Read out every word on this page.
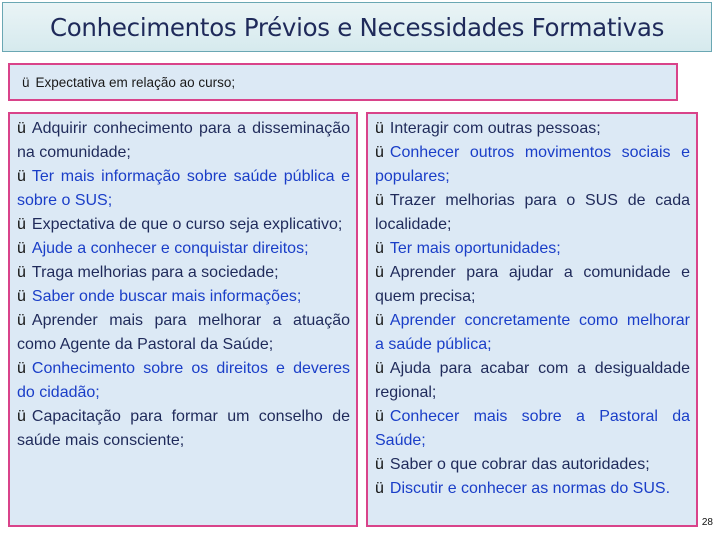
Conhecimentos Prévios e Necessidades Formativas
ü Expectativa em relação ao curso;

ü Adquirir conhecimento para a disseminação na comunidade;

ü Ter mais informação sobre saúde pública e sobre o SUS;

ü Expectativa de que o curso seja explicativo;

ü Ajude a conhecer e conquistar direitos;

ü Traga melhorias para a sociedade;

ü Saber onde buscar mais informações;

ü Aprender mais para melhorar a atuação como Agente da Pastoral da Saúde;

ü Conhecimento sobre os direitos e deveres do cidadão;

ü Capacitação para formar um conselho de saúde mais consciente;

ü Interagir com outras pessoas;

ü Conhecer outros movimentos sociais e populares;

ü Trazer melhorias para o SUS de cada localidade;

ü Ter mais oportunidades;

ü Aprender para ajudar a comunidade e quem precisa;

ü Aprender concretamente como melhorar a saúde pública;

ü Ajuda para acabar com a desigualdade regional;

ü Conhecer mais sobre a Pastoral da Saúde;

ü Saber o que cobrar das autoridades;

ü Discutir e conhecer as normas do SUS.

28
